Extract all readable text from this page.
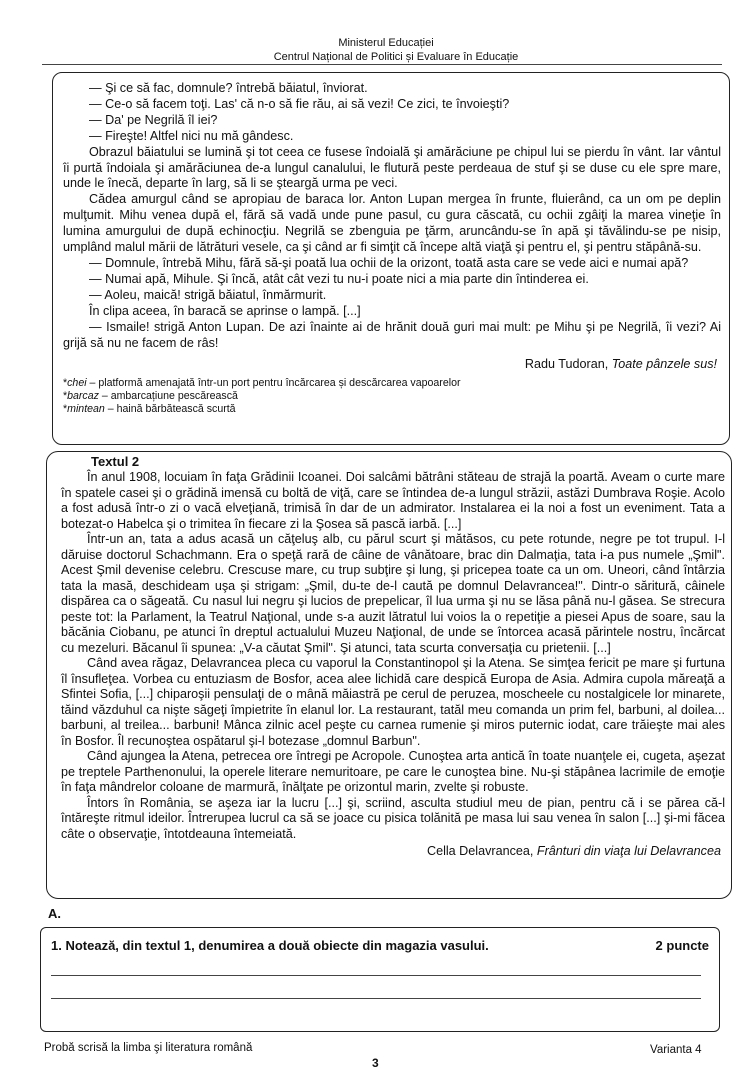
Ministerul Educației
Centrul Național de Politici și Evaluare în Educație

— Şi ce să fac, domnule? întrebă băiatul, înviorat.

— Ce-o să facem toţi. Las' că n-o să fie rău, ai să vezi! Ce zici, te învoieşti?

— Da' pe Negrilă îl iei?

— Fireşte! Altfel nici nu mă gândesc.

Obrazul băiatului se lumină şi tot ceea ce fusese îndoială şi amărăciune pe chipul lui se pierdu în vânt. Iar vântul îi purtă îndoiala şi amărăciunea de-a lungul canalului, le flutură peste perdeaua de stuf şi se duse cu ele spre mare, unde le înecă, departe în larg, să li se şteargă urma pe veci.

Cădea amurgul când se apropiau de baraca lor. Anton Lupan mergea în frunte, fluierând, ca un om pe deplin mulţumit. Mihu venea după el, fără să vadă unde pune pasul, cu gura căscată, cu ochii zgâiţi la marea vineţie în lumina amurgului de după echinocţiu. Negrilă se zbenguia pe ţărm, aruncându-se în apă şi tăvălindu-se pe nisip, umplând malul mării de lătrături vesele, ca şi când ar fi simţit că începe altă viaţă şi pentru el, şi pentru stăpână-su.

— Domnule, întrebă Mihu, fără să-şi poată lua ochii de la orizont, toată asta care se vede aici e numai apă?

— Numai apă, Mihule. Şi încă, atât cât vezi tu nu-i poate nici a mia parte din întinderea ei.

— Aoleu, maică! strigă băiatul, înmărmurit.

În clipa aceea, în baracă se aprinse o lampă. [...]

— Ismaile! strigă Anton Lupan. De azi înainte ai de hrănit două guri mai mult: pe Mihu şi pe Negrilă, îi vezi? Ai grijă să nu ne facem de râs!

Radu Tudoran, Toate pânzele sus!

*chei – platformă amenajată într-un port pentru încărcarea și descărcarea vapoarelor
*barcaz – ambarcațiune pescărească
*mintean – haină bărbătească scurtă
Textul 2

În anul 1908, locuiam în faţa Grădinii Icoanei. Doi salcâmi bătrâni stăteau de strajă la poartă. Aveam o curte mare în spatele casei şi o grădină imensă cu boltă de viţă, care se întindea de-a lungul străzii, astăzi Dumbrava Roşie. Acolo a fost adusă într-o zi o vacă elveţiană, trimisă în dar de un admirator. Instalarea ei la noi a fost un eveniment. Tata a botezat-o Habelca şi o trimitea în fiecare zi la Şosea să pască iarbă. [...]

Într-un an, tata a adus acasă un căţeluş alb, cu părul scurt şi mătăsos, cu pete rotunde, negre pe tot trupul. I-l dăruise doctorul Schachmann. Era o speţă rară de câine de vânătoare, brac din Dalmaţia, tata i-a pus numele „Şmil". Acest Şmil devenise celebru. Crescuse mare, cu trup subţire şi lung, şi pricepea toate ca un om. Uneori, când întârzia tata la masă, deschideam uşa şi strigam: „Şmil, du-te de-l caută pe domnul Delavrancea!". Dintr-o săritură, câinele dispărea ca o săgeată. Cu nasul lui negru şi lucios de prepelicar, îl lua urma şi nu se lăsa până nu-l găsea. Se strecura peste tot: la Parlament, la Teatrul Naţional, unde s-a auzit lătratul lui voios la o repetiţie a piesei Apus de soare, sau la băcănia Ciobanu, pe atunci în dreptul actualului Muzeu Naţional, de unde se întorcea acasă părintele nostru, încărcat cu mezeluri. Băcanul îi spunea: „V-a căutat Şmil". Şi atunci, tata scurta conversaţia cu prietenii. [...]

Când avea răgaz, Delavrancea pleca cu vaporul la Constantinopol şi la Atena. Se simţea fericit pe mare şi furtuna îl însufleţea. Vorbea cu entuziasm de Bosfor, acea alee lichidă care despică Europa de Asia. Admira cupola măreaţă a Sfintei Sofia, [...] chiparoşii pensulaţi de o mână măiastră pe cerul de peruzea, moscheele cu nostalgicele lor minarete, tăind văzduhul ca nişte săgeţi împietrite în elanul lor. La restaurant, tatăl meu comanda un prim fel, barbuni, al doilea... barbuni, al treilea... barbuni! Mânca zilnic acel peşte cu carnea rumenie şi miros puternic iodat, care trăieşte mai ales în Bosfor. Îl recunoştea ospătarul şi-l botezase „domnul Barbun".

Când ajungea la Atena, petrecea ore întregi pe Acropole. Cunoştea arta antică în toate nuanţele ei, cugeta, aşezat pe treptele Parthenonului, la operele literare nemuritoare, pe care le cunoştea bine. Nu-şi stăpânea lacrimile de emoţie în faţa mândrelor coloane de marmură, înălţate pe orizontul marin, zvelte şi robuste.

Întors în România, se aşeza iar la lucru [...] şi, scriind, asculta studiul meu de pian, pentru că i se părea că-l întăreşte ritmul ideilor. Întrerupea lucrul ca să se joace cu pisica tolănită pe masa lui sau venea în salon [...] şi-mi făcea câte o observaţie, întotdeauna întemeiată.

Cella Delavrancea, Frânturi din viaţa lui Delavrancea

A.
1. Notează, din textul 1, denumirea a două obiecte din magazia vasului.	2 puncte
Probă scrisă la limba şi literatura română
3
Varianta 4
